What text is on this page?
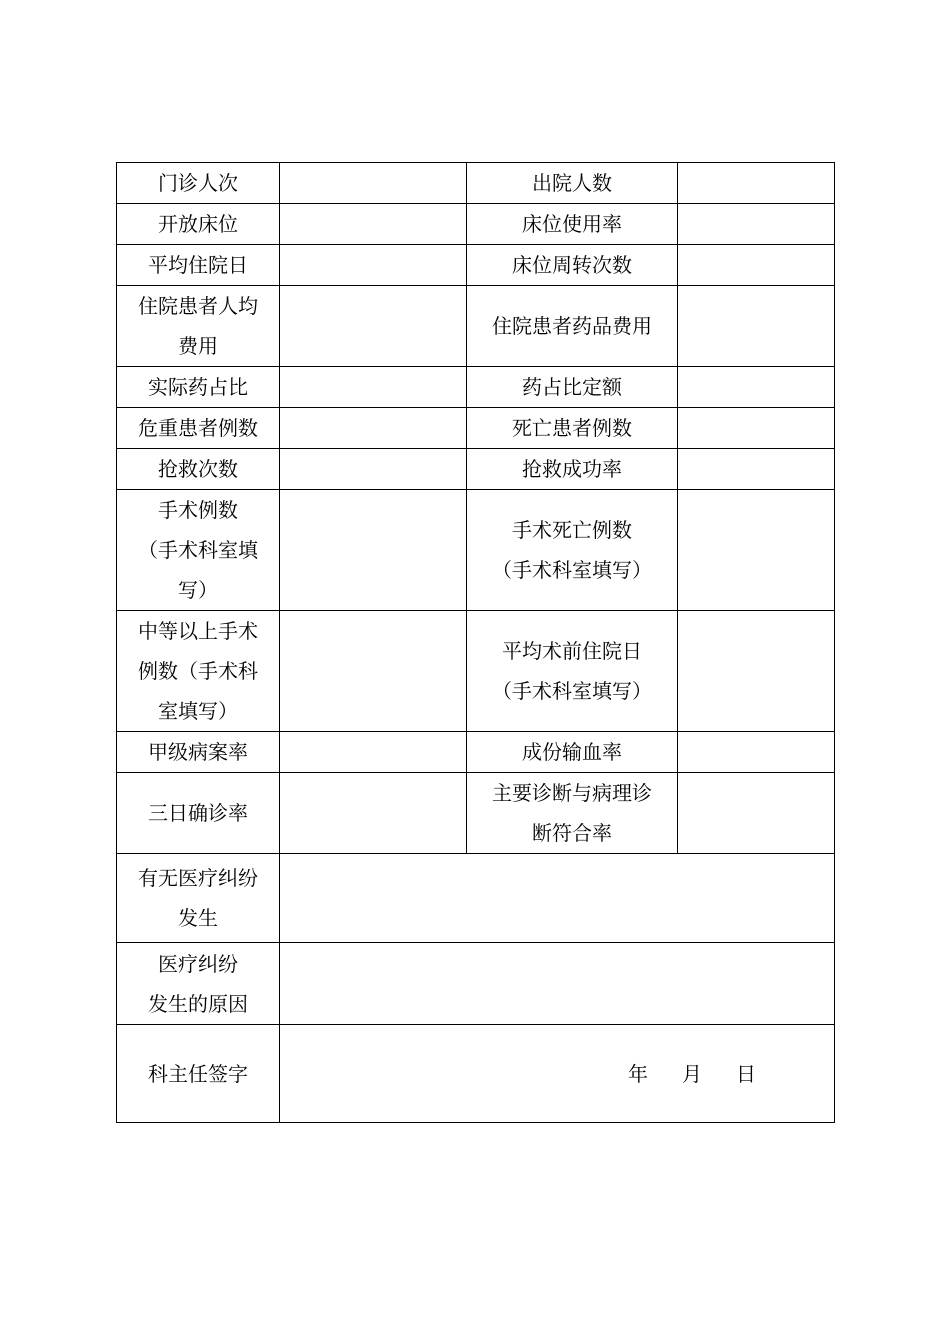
门诊人次		出院人数	
开放床位		床位使用率	
平均住院日		床位周转次数	
住院患者人均
费用		住院患者药品费用	
实际药占比		药占比定额	
危重患者例数		死亡患者例数	
抢救次数		抢救成功率	
手术例数
（手术科室填
写）		手术死亡例数
（手术科室填写）	
中等以上手术
例数（手术科
室填写）		平均术前住院日
（手术科室填写）	
甲级病案率		成份输血率	
三日确诊率		主要诊断与病理诊
断符合率	
有无医疗纠纷
发生			
医疗纠纷
发生的原因			
科主任签字	年 月 日		
